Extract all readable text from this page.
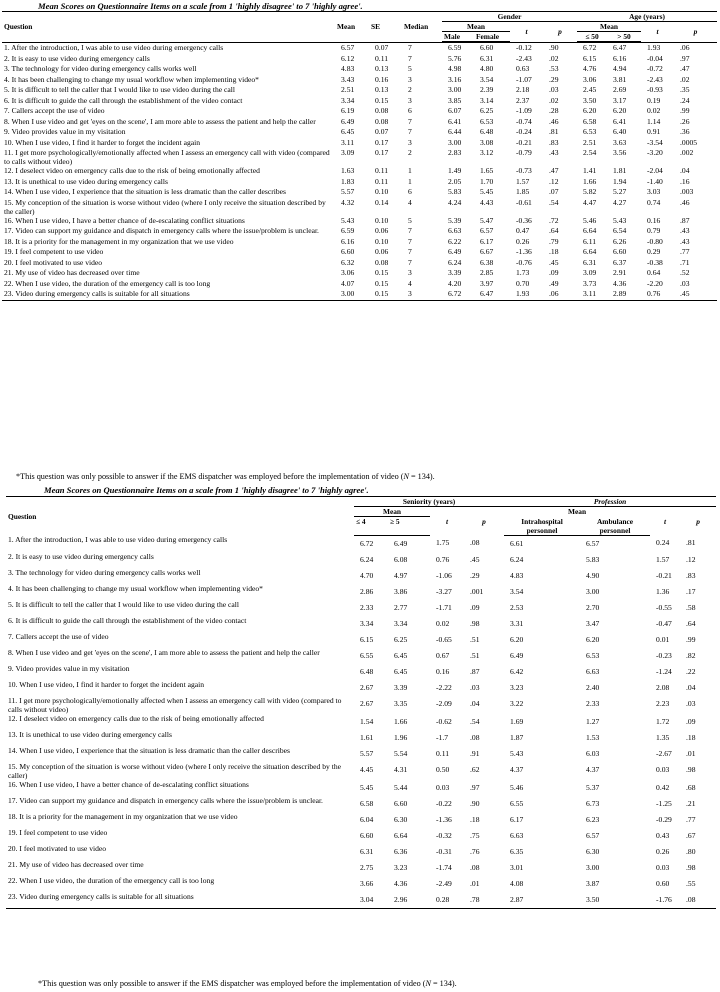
Mean Scores on Questionnaire Items on a scale from 1 'highly disagree' to 7 'highly agree'.
Question	Mean	SE	Median	Gender				Age (years)			
				Mean		t	p	Mean		t	p
				Male	Female			≤ 50	> 50		

1. After the introduction, I was able to use video during emergency calls	6.57	0.07	7	6.59	6.60	-0.12	.90	6.72	6.47	1.93	.06
2. It is easy to use video during emergency calls	6.12	0.11	7	5.76	6.31	-2.43	.02	6.15	6.16	-0.04	.97
3. The technology for video during emergency calls works well	4.83	0.13	5	4.98	4.80	0.63	.53	4.76	4.94	-0.72	.47
4. It has been challenging to change my usual workflow when implementing video*	3.43	0.16	3	3.16	3.54	-1.07	.29	3.06	3.81	-2.43	.02
5. It is difficult to tell the caller that I would like to use video during the call	2.51	0.13	2	3.00	2.39	2.18	.03	2.45	2.69	-0.93	.35
6. It is difficult to guide the call through the establishment of the video contact	3.34	0.15	3	3.85	3.14	2.37	.02	3.50	3.17	0.19	.24
7. Callers accept the use of video	6.19	0.08	6	6.07	6.25	-1.09	.28	6.20	6.20	0.02	.99
8. When I use video and get 'eyes on the scene', I am more able to assess the patient and help the caller	6.49	0.08	7	6.41	6.53	-0.74	.46	6.58	6.41	1.14	.26
9. Video provides value in my visitation	6.45	0.07	7	6.44	6.48	-0.24	.81	6.53	6.40	0.91	.36
10. When I use video, I find it harder to forget the incident again	3.11	0.17	3	3.00	3.08	-0.21	.83	2.51	3.63	-3.54	.0005
11. I get more psychologically/emotionally affected when I assess an emergency call with video (compared to calls without video)	3.09	0.17	2	2.83	3.12	-0.79	.43	2.54	3.56	-3.20	.002
12. I deselect video on emergency calls due to the risk of being emotionally affected	1.63	0.11	1	1.49	1.65	-0.73	.47	1.41	1.81	-2.04	.04
13. It is unethical to use video during emergency calls	1.83	0.11	1	2.05	1.70	1.57	.12	1.66	1.94	-1.40	.16
14. When I use video, I experience that the situation is less dramatic than the caller describes	5.57	0.10	6	5.83	5.45	1.85	.07	5.82	5.27	3.03	.003
15. My conception of the situation is worse without video (where I only receive the situation described by the caller)	4.32	0.14	4	4.24	4.43	-0.61	.54	4.47	4.27	0.74	.46
16. When I use video, I have a better chance of de-escalating conflict situations	5.43	0.10	5	5.39	5.47	-0.36	.72	5.46	5.43	0.16	.87
17. Video can support my guidance and dispatch in emergency calls where the issue/problem is unclear.	6.59	0.06	7	6.63	6.57	0.47	.64	6.64	6.54	0.79	.43
18. It is a priority for the management in my organization that we use video	6.16	0.10	7	6.22	6.17	0.26	.79	6.11	6.26	-0.80	.43
19. I feel competent to use video	6.60	0.06	7	6.49	6.67	-1.36	.18	6.64	6.60	0.29	.77
20. I feel motivated to use video	6.32	0.08	7	6.24	6.38	-0.76	.45	6.31	6.37	-0.38	.71
21. My use of video has decreased over time	3.06	0.15	3	3.39	2.85	1.73	.09	3.09	2.91	0.64	.52
22. When I use video, the duration of the emergency call is too long	4.07	0.15	4	4.20	3.97	0.70	.49	3.73	4.36	-2.20	.03
23. Video during emergency calls is suitable for all situations	3.00	0.15	3	6.72	6.47	1.93	.06	3.11	2.89	0.76	.45
*This question was only possible to answer if the EMS dispatcher was employed before the implementation of video (N = 134).
Mean Scores on Questionnaire Items on a scale from 1 'highly disagree' to 7 'highly agree'.
Question	Seniority (years)				Profession			
	Mean		t	p	Mean		t	p
	≤ 4	≥ 5			Intrahospital personnel	Ambulance personnel		
1. After the introduction, I was able to use video during emergency calls	6.72	6.49	1.75	.08	6.61	6.57	0.24	.81
2. It is easy to use video during emergency calls	6.24	6.08	0.76	.45	6.24	5.83	1.57	.12
3. The technology for video during emergency calls works well	4.70	4.97	-1.06	.29	4.83	4.90	-0.21	.83
4. It has been challenging to change my usual workflow when implementing video*	2.86	3.86	-3.27	.001	3.54	3.00	1.36	.17
5. It is difficult to tell the caller that I would like to use video during the call	2.33	2.77	-1.71	.09	2.53	2.70	-0.55	.58
6. It is difficult to guide the call through the establishment of the video contact	3.34	3.34	0.02	.98	3.31	3.47	-0.47	.64
7. Callers accept the use of video	6.15	6.25	-0.65	.51	6.20	6.20	0.01	.99
8. When I use video and get 'eyes on the scene', I am more able to assess the patient and help the caller	6.55	6.45	0.67	.51	6.49	6.53	-0.23	.82
9. Video provides value in my visitation	6.48	6.45	0.16	.87	6.42	6.63	-1.24	.22
10. When I use video, I find it harder to forget the incident again	2.67	3.39	-2.22	.03	3.23	2.40	2.08	.04
11. I get more psychologically/emotionally affected when I assess an emergency call with video (compared to calls without video)	2.67	3.35	-2.09	.04	3.22	2.33	2.23	.03
12. I deselect video on emergency calls due to the risk of being emotionally affected	1.54	1.66	-0.62	.54	1.69	1.27	1.72	.09
13. It is unethical to use video during emergency calls	1.61	1.96	-1.7	.08	1.87	1.53	1.35	.18
14. When I use video, I experience that the situation is less dramatic than the caller describes	5.57	5.54	0.11	.91	5.43	6.03	-2.67	.01
15. My conception of the situation is worse without video (where I only receive the situation described by the caller)	4.45	4.31	0.50	.62	4.37	4.37	0.03	.98
16. When I use video, I have a better chance of de-escalating conflict situations	5.45	5.44	0.03	.97	5.46	5.37	0.42	.68
17. Video can support my guidance and dispatch in emergency calls where the issue/problem is unclear.	6.58	6.60	-0.22	.90	6.55	6.73	-1.25	.21
18. It is a priority for the management in my organization that we use video	6.04	6.30	-1.36	.18	6.17	6.23	-0.29	.77
19. I feel competent to use video	6.60	6.64	-0.32	.75	6.63	6.57	0.43	.67
20. I feel motivated to use video	6.31	6.36	-0.31	.76	6.35	6.30	0.26	.80
21. My use of video has decreased over time	2.75	3.23	-1.74	.08	3.01	3.00	0.03	.98
22. When I use video, the duration of the emergency call is too long	3.66	4.36	-2.49	.01	4.08	3.87	0.60	.55
23. Video during emergency calls is suitable for all situations	3.04	2.96	0.28	.78	2.87	3.50	-1.76	.08
*This question was only possible to answer if the EMS dispatcher was employed before the implementation of video (N = 134).
